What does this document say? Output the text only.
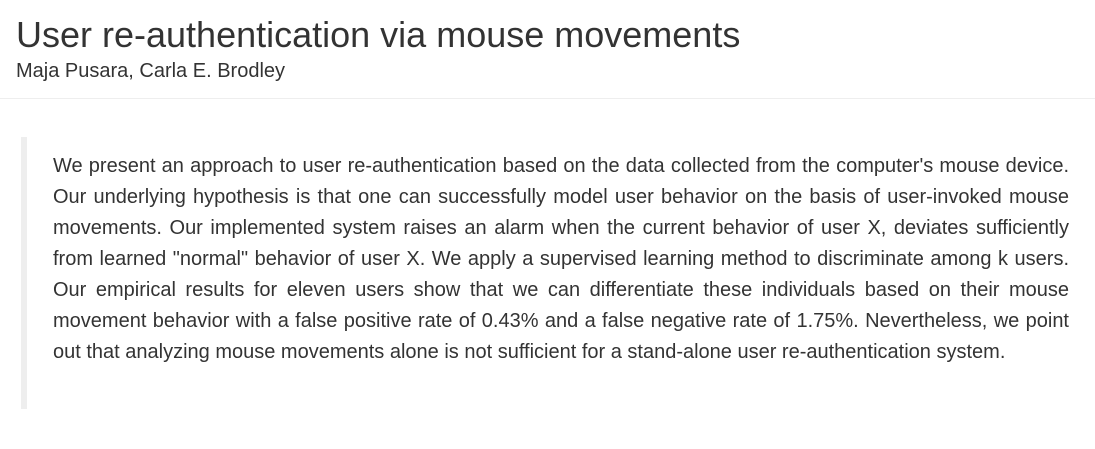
User re-authentication via mouse movements
Maja Pusara, Carla E. Brodley

We present an approach to user re-authentication based on the data collected from the computer's mouse device. Our underlying hypothesis is that one can successfully model user behavior on the basis of user-invoked mouse movements. Our implemented system raises an alarm when the current behavior of user X, deviates sufficiently from learned "normal" behavior of user X. We apply a supervised learning method to discriminate among k users. Our empirical results for eleven users show that we can differentiate these individuals based on their mouse movement behavior with a false positive rate of 0.43% and a false negative rate of 1.75%. Nevertheless, we point out that analyzing mouse movements alone is not sufficient for a stand-alone user re-authentication system.
